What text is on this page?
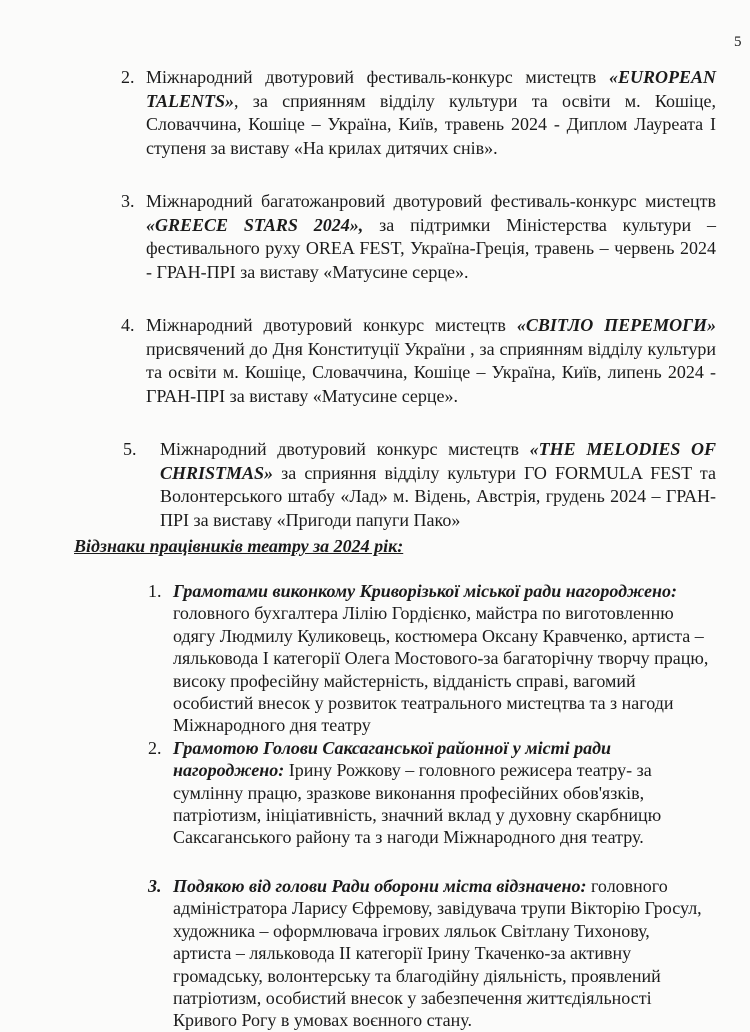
5
2. Міжнародний двотуровий фестиваль-конкурс мистецтв «EUROPEAN TALENTS», за сприянням відділу культури та освіти м. Кошіце, Словаччина, Кошіце – Україна, Київ, травень 2024 - Диплом Лауреата I ступеня за виставу «На крилах дитячих снів».
3. Міжнародний багатожанровий двотуровий фестиваль-конкурс мистецтв «GREECE STARS 2024», за підтримки Міністерства культури – фестивального руху OREA FEST, Україна-Греція, травень – червень 2024 - ГРАН-ПРІ за виставу «Матусине серце».
4. Міжнародний двотуровий конкурс мистецтв «СВІТЛО ПЕРЕМОГИ» присвячений до Дня Конституції України , за сприянням відділу культури та освіти м. Кошіце, Словаччина, Кошіце – Україна, Київ, липень 2024 - ГРАН-ПРІ за виставу «Матусине серце».
5. Міжнародний двотуровий конкурс мистецтв «THE MELODIES OF CHRISTMAS» за сприяння відділу культури ГО FORMULA FEST та Волонтерського штабу «Лад» м. Відень, Австрія, грудень 2024 – ГРАН-ПРІ за виставу «Пригоди папуги Пако»
Відзнаки працівників театру за 2024 рік:
1. Грамотами виконкому Криворізької міської ради нагороджено: головного бухгалтера Лілію Гордієнко, майстра по виготовленню одягу Людмилу Куликовець, костюмера Оксану Кравченко, артиста – ляльковода I категорії Олега Мостового-за багаторічну творчу працю, високу професійну майстерність, відданість справі, вагомий особистий внесок у розвиток театрального мистецтва та з нагоди Міжнародного дня театру
2. Грамотою Голови Саксаганської районної у місті ради нагороджено: Ірину Рожкову – головного режисера театру- за сумлінну працю, зразкове виконання професійних обов'язків, патріотизм, ініціативність, значний вклад у духовну скарбницю Саксаганського району та з нагоди Міжнародного дня театру.
3. Подякою від голови Ради оборони міста відзначено: головного адміністратора Ларису Єфремову, завідувача трупи Вікторію Гросул, художника – оформлювача ігрових ляльок Світлану Тихонову, артиста – ляльковода II категорії Ірину Ткаченко-за активну громадську, волонтерську та благодійну діяльність, проявлений патріотизм, особистий внесок у забезпечення життєдіяльності Кривого Рогу в умовах воєнного стану.
